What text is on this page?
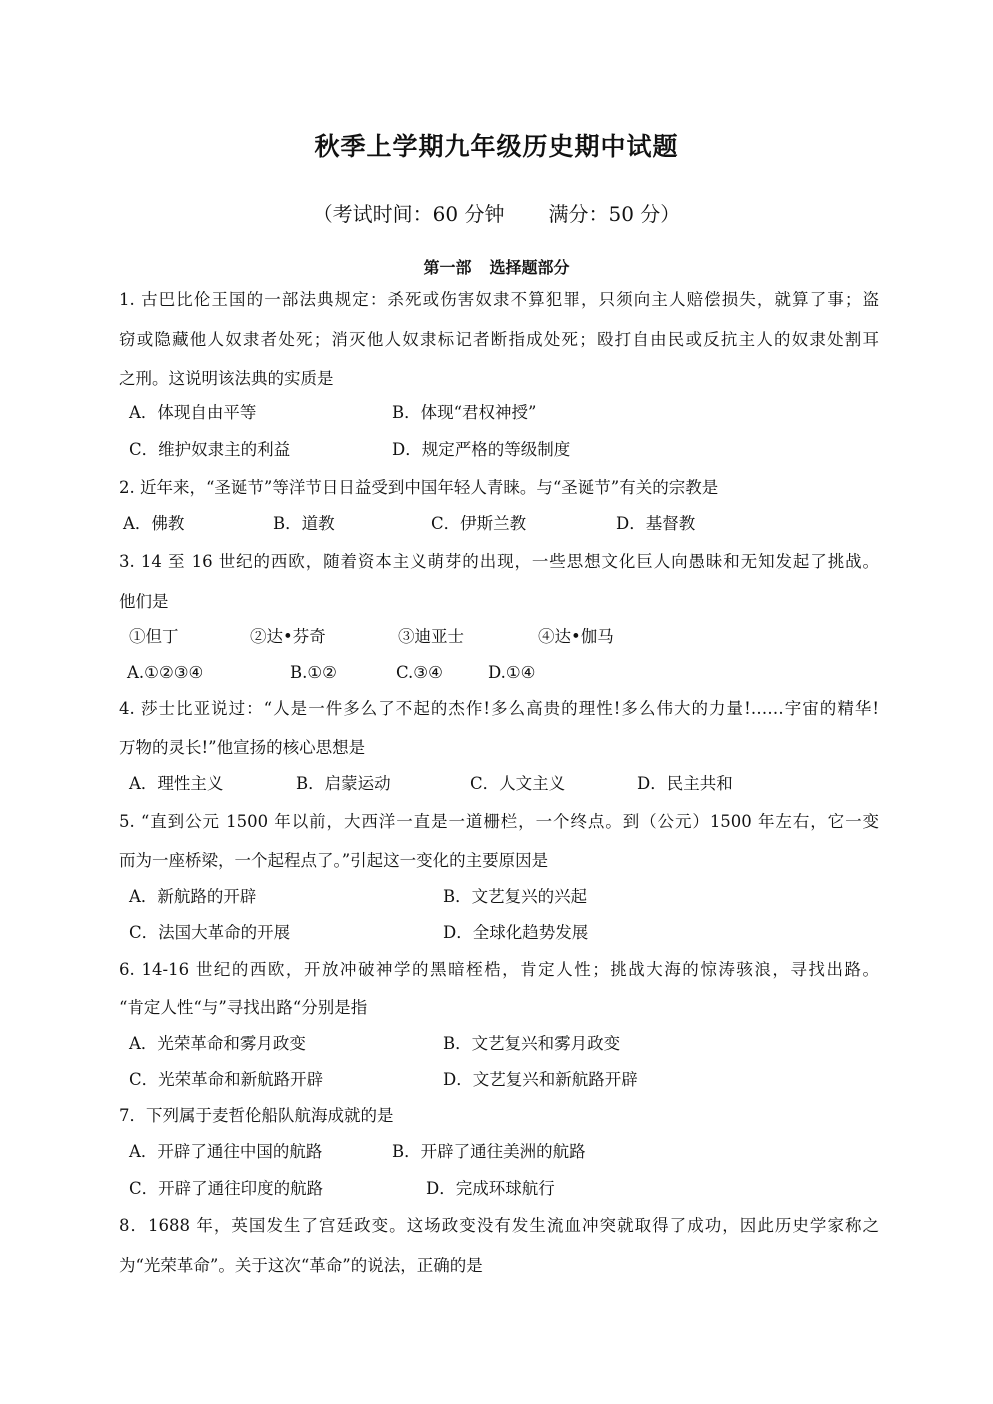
秋季上学期九年级历史期中试题
（考试时间：60 分钟 满分：50 分）
第一部 选择题部分
1. 古巴比伦王国的一部法典规定：杀死或伤害奴隶不算犯罪，只须向主人赔偿损失，就算了事；盗
窃或隐藏他人奴隶者处死；消灭他人奴隶标记者断指成处死；殴打自由民或反抗主人的奴隶处割耳
之刑。这说明该法典的实质是
A．体现自由平等	B．体现“君权神授”
C．维护奴隶主的利益	D．规定严格的等级制度
2. 近年来，“圣诞节”等洋节日日益受到中国年轻人青睐。与“圣诞节”有关的宗教是
A．佛教	B．道教	C．伊斯兰教	D．基督教
3. 14 至 16 世纪的西欧，随着资本主义萌芽的出现，一些思想文化巨人向愚昧和无知发起了挑战。
他们是
①但丁	②达•芬奇	③迪亚士	④达•伽马
A.①②③④	B.①②	C.③④	D.①④
4. 莎士比亚说过：“人是一件多么了不起的杰作!多么高贵的理性!多么伟大的力量!……宇宙的精华!
万物的灵长!”他宣扬的核心思想是
A．理性主义	B．启蒙运动	C．人文主义	D．民主共和
5. “直到公元 1500 年以前，大西洋一直是一道栅栏，一个终点。到（公元）1500 年左右，它一变
而为一座桥梁，一个起程点了。”引起这一变化的主要原因是
A．新航路的开辟	B．文艺复兴的兴起
C．法国大革命的开展	D．全球化趋势发展
6. 14-16 世纪的西欧，开放冲破神学的黑暗桎梏，肯定人性；挑战大海的惊涛骇浪，寻找出路。
“肯定人性“与”寻找出路“分别是指
A．光荣革命和雾月政变	B．文艺复兴和雾月政变
C．光荣革命和新航路开辟	D．文艺复兴和新航路开辟
7．下列属于麦哲伦船队航海成就的是
A．开辟了通往中国的航路	B．开辟了通往美洲的航路
C．开辟了通往印度的航路	D．完成环球航行
8．1688 年，英国发生了宫廷政变。这场政变没有发生流血冲突就取得了成功，因此历史学家称之
为“光荣革命”。关于这次“革命”的说法，正确的是
